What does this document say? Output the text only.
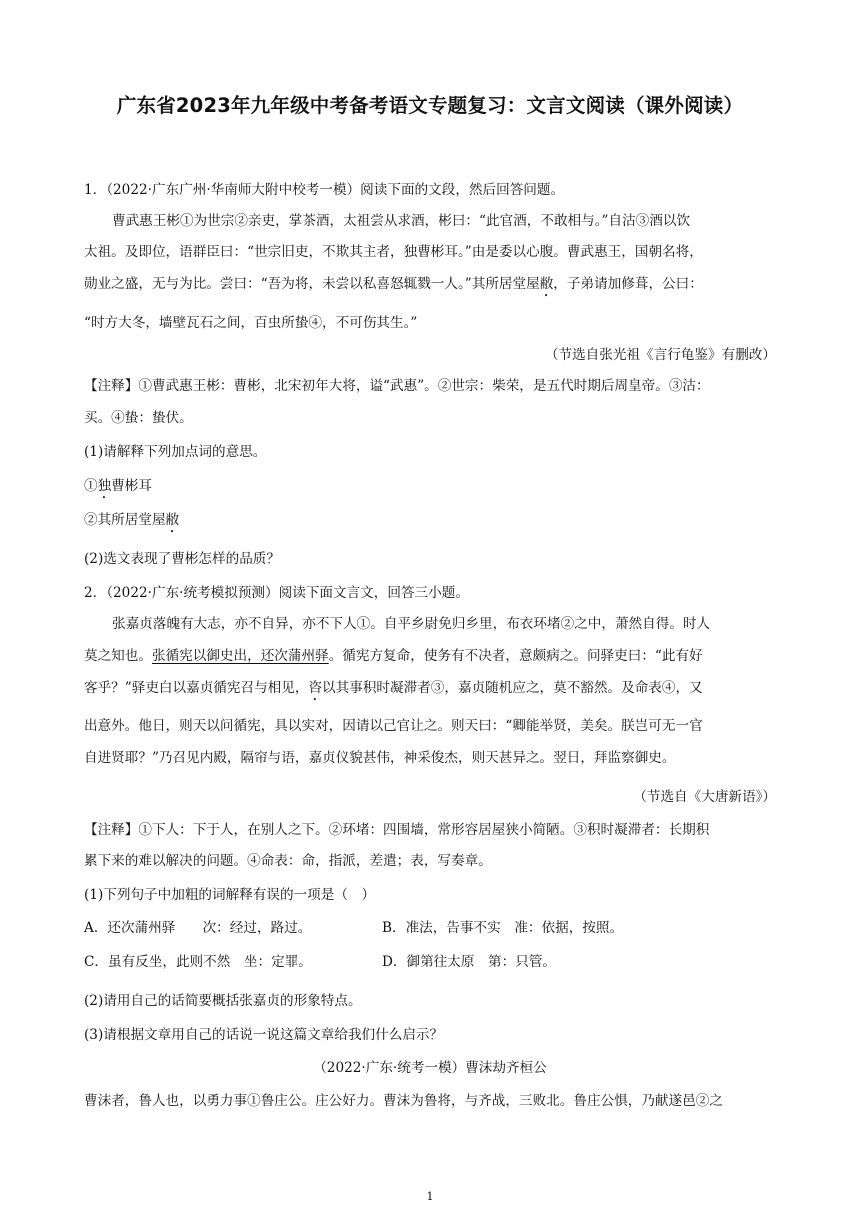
广东省2023年九年级中考备考语文专题复习：文言文阅读（课外阅读）
1．（2022·广东广州·华南师大附中校考一模）阅读下面的文段，然后回答问题。
曹武惠王彬①为世宗②亲吏，掌茶酒，太祖尝从求酒，彬曰：“此官酒，不敢相与。”自沽③酒以饮
太祖。及即位，语群臣曰：“世宗旧吏，不欺其主者，独曹彬耳。”由是委以心腹。曹武惠王，国朝名将，
勋业之盛，无与为比。尝曰：“吾为将，未尝以私喜怒辄戮一人。”其所居堂屋敝，子弟请加修葺，公曰：
“时方大冬，墙壁瓦石之间，百虫所蛰④，不可伤其生。”
（节选自张光祖《言行龟鉴》有删改）
【注释】①曹武惠王彬：曹彬，北宋初年大将，谥“武惠”。②世宗：柴荣，是五代时期后周皇帝。③沽：
买。④蛰：蛰伏。
(1)请解释下列加点词的意思。
①独曹彬耳
②其所居堂屋敝
(2)选文表现了曹彬怎样的品质？
2．（2022·广东·统考模拟预测）阅读下面文言文，回答三小题。
张嘉贞落魄有大志，亦不自异，亦不下人①。自平乡尉免归乡里，布衣环堵②之中，萧然自得。时人
莫之知也。张循宪以御史出，还次蒲州驿。循宪方复命，使务有不决者，意颇病之。问驿吏曰：“此有好
客乎？”驿吏白以嘉贞循宪召与相见，咨以其事积时凝滞者③，嘉贞随机应之，莫不豁然。及命表④，又
出意外。他日，则天以问循宪，具以实对，因请以己官让之。则天曰：“卿能举贤，美矣。朕岂可无一官
自进贤耶？”乃召见内殿，隔帘与语，嘉贞仪貌甚伟，神采俊杰，则天甚异之。翌日，拜监察御史。
（节选自《大唐新语》）
【注释】①下人：下于人，在别人之下。②环堵：四围墙，常形容居屋狭小简陋。③积时凝滞者：长期积
累下来的难以解决的问题。④命表：命，指派，差遣；表，写奏章。
(1)下列句子中加粗的词解释有误的一项是（　）
A．还次蒲州驿　　次：经过，路过。	B．准法，告事不实　准：依据，按照。
C．虽有反坐，此则不然　坐：定罪。	D．御第往太原　第：只管。
(2)请用自己的话简要概括张嘉贞的形象特点。
(3)请根据文章用自己的话说一说这篇文章给我们什么启示？
（2022·广东·统考一模）曹沫劫齐桓公
曹沫者，鲁人也，以勇力事①鲁庄公。庄公好力。曹沫为鲁将，与齐战，三败北。鲁庄公惧，乃献遂邑②之
1
